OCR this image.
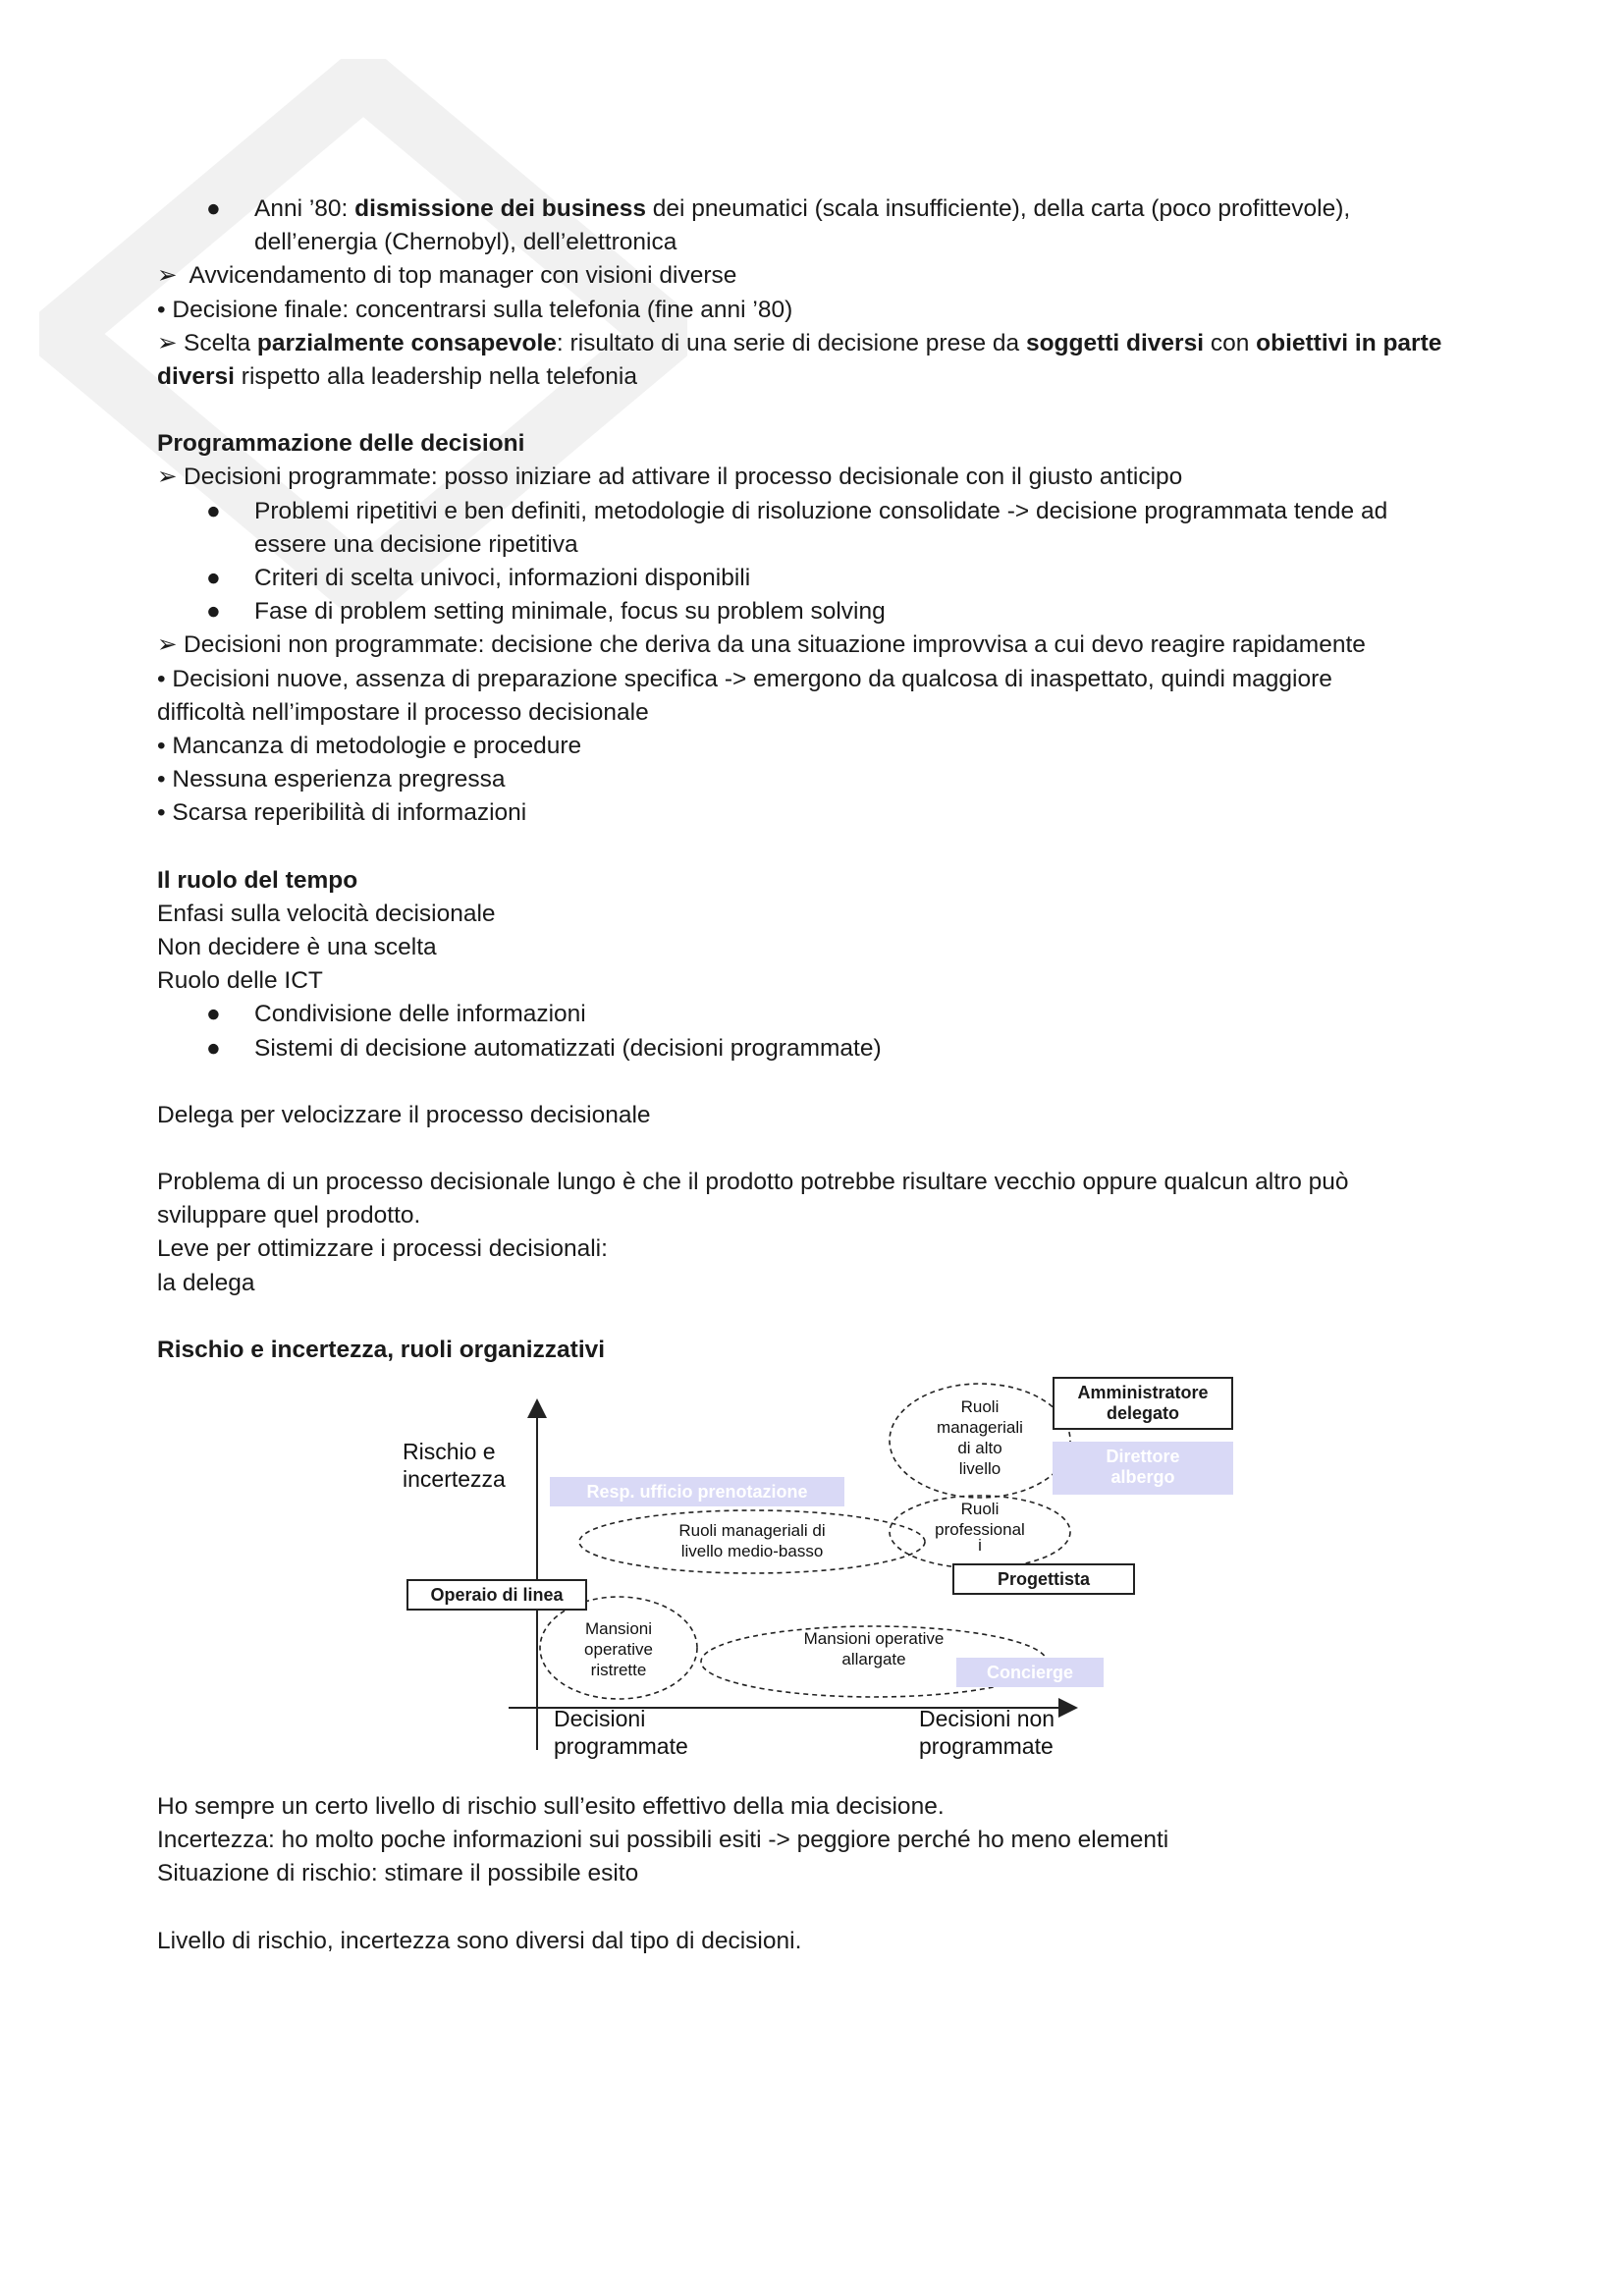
● Anni ’80: dismissione dei business dei pneumatici (scala insufficiente), della carta (poco profittevole),
dell’energia (Chernobyl), dell’elettronica
➢ Avvicendamento di top manager con visioni diverse
• Decisione finale: concentrarsi sulla telefonia (fine anni ’80)
➢ Scelta parzialmente consapevole: risultato di una serie di decisione prese da soggetti diversi con obiettivi in parte
diversi rispetto alla leadership nella telefonia
Programmazione delle decisioni
➢ Decisioni programmate: posso iniziare ad attivare il processo decisionale con il giusto anticipo
● Problemi ripetitivi e ben definiti, metodologie di risoluzione consolidate -> decisione programmata tende ad
essere una decisione ripetitiva
● Criteri di scelta univoci, informazioni disponibili
● Fase di problem setting minimale, focus su problem solving
➢ Decisioni non programmate: decisione che deriva da una situazione improvvisa a cui devo reagire rapidamente
• Decisioni nuove, assenza di preparazione specifica -> emergono da qualcosa di inaspettato, quindi maggiore
difficoltà nell’impostare il processo decisionale
• Mancanza di metodologie e procedure
• Nessuna esperienza pregressa
• Scarsa reperibilità di informazioni
Il ruolo del tempo
Enfasi sulla velocità decisionale
Non decidere è una scelta
Ruolo delle ICT
● Condivisione delle informazioni
● Sistemi di decisione automatizzati (decisioni programmate)
Delega per velocizzare il processo decisionale
Problema di un processo decisionale lungo è che il prodotto potrebbe risultare vecchio oppure qualcun altro può
sviluppare quel prodotto.
Leve per ottimizzare i processi decisionali:
la delega
Rischio e incertezza, ruoli organizzativi
Rischio e
incertezza
Decisioni
programmate
Decisioni non
programmate
Ruoli
manageriali
di alto
livello
Ruoli
professional
i
Ruoli manageriali di
livello medio-basso
Mansioni
operative
ristrette
Mansioni operative
allargate
Amministratore
delegato
Direttore
albergo
Resp. ufficio prenotazione
Progettista
Operaio di linea
Concierge
Ho sempre un certo livello di rischio sull’esito effettivo della mia decisione.
Incertezza: ho molto poche informazioni sui possibili esiti -> peggiore perché ho meno elementi
Situazione di rischio: stimare il possibile esito
Livello di rischio, incertezza sono diversi dal tipo di decisioni.
